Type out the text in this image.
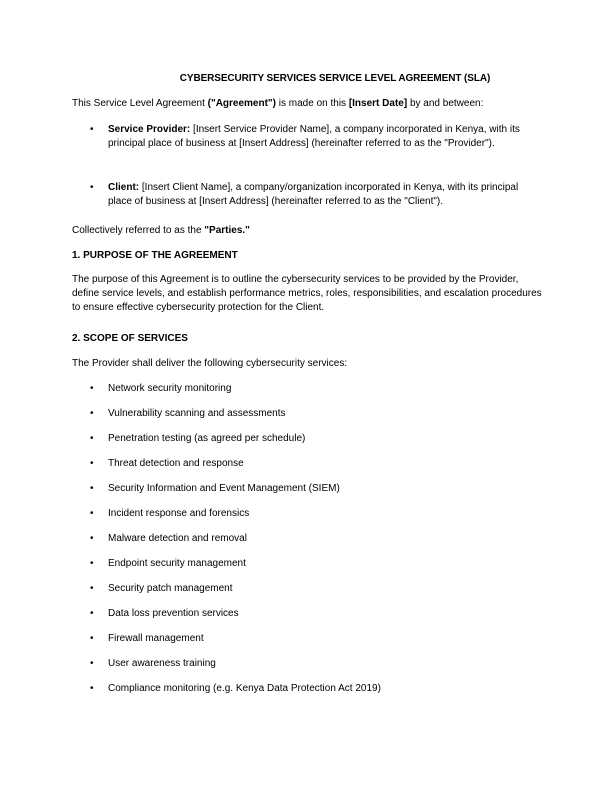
CYBERSECURITY SERVICES SERVICE LEVEL AGREEMENT (SLA)

This Service Level Agreement ("Agreement") is made on this [Insert Date] by and between:

•	Service Provider: [Insert Service Provider Name], a company incorporated in Kenya, with its principal place of business at [Insert Address] (hereinafter referred to as the "Provider").
•	Client: [Insert Client Name], a company/organization incorporated in Kenya, with its principal place of business at [Insert Address] (hereinafter referred to as the "Client").

Collectively referred to as the "Parties."

1. PURPOSE OF THE AGREEMENT

The purpose of this Agreement is to outline the cybersecurity services to be provided by the Provider, define service levels, and establish performance metrics, roles, responsibilities, and escalation procedures to ensure effective cybersecurity protection for the Client.

2. SCOPE OF SERVICES

The Provider shall deliver the following cybersecurity services:

•	Network security monitoring
•	Vulnerability scanning and assessments
•	Penetration testing (as agreed per schedule)
•	Threat detection and response
•	Security Information and Event Management (SIEM)
•	Incident response and forensics
•	Malware detection and removal
•	Endpoint security management
•	Security patch management
•	Data loss prevention services
•	Firewall management
•	User awareness training
•	Compliance monitoring (e.g. Kenya Data Protection Act 2019)
